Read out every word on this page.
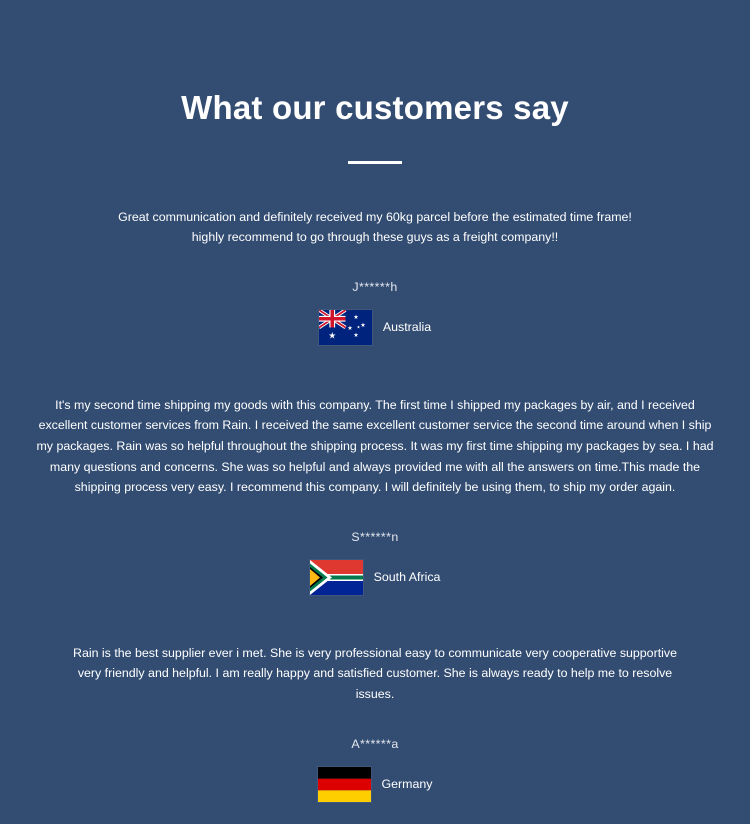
What our customers say

Great communication and definitely received my 60kg parcel before the estimated time frame! highly recommend to go through these guys as a freight company!!

J******h
Australia

It's my second time shipping my goods with this company. The first time I shipped my packages by air, and I received excellent customer services from Rain. I received the same excellent customer service the second time around when I ship my packages. Rain was so helpful throughout the shipping process. It was my first time shipping my packages by sea. I had many questions and concerns. She was so helpful and always provided me with all the answers on time.This made the shipping process very easy. I recommend this company. I will definitely be using them, to ship my order again.

S******n
South Africa

Rain is the best supplier ever i met. She is very professional easy to communicate very cooperative supportive very friendly and helpful. I am really happy and satisfied customer. She is always ready to help me to resolve issues.

A******a
Germany
